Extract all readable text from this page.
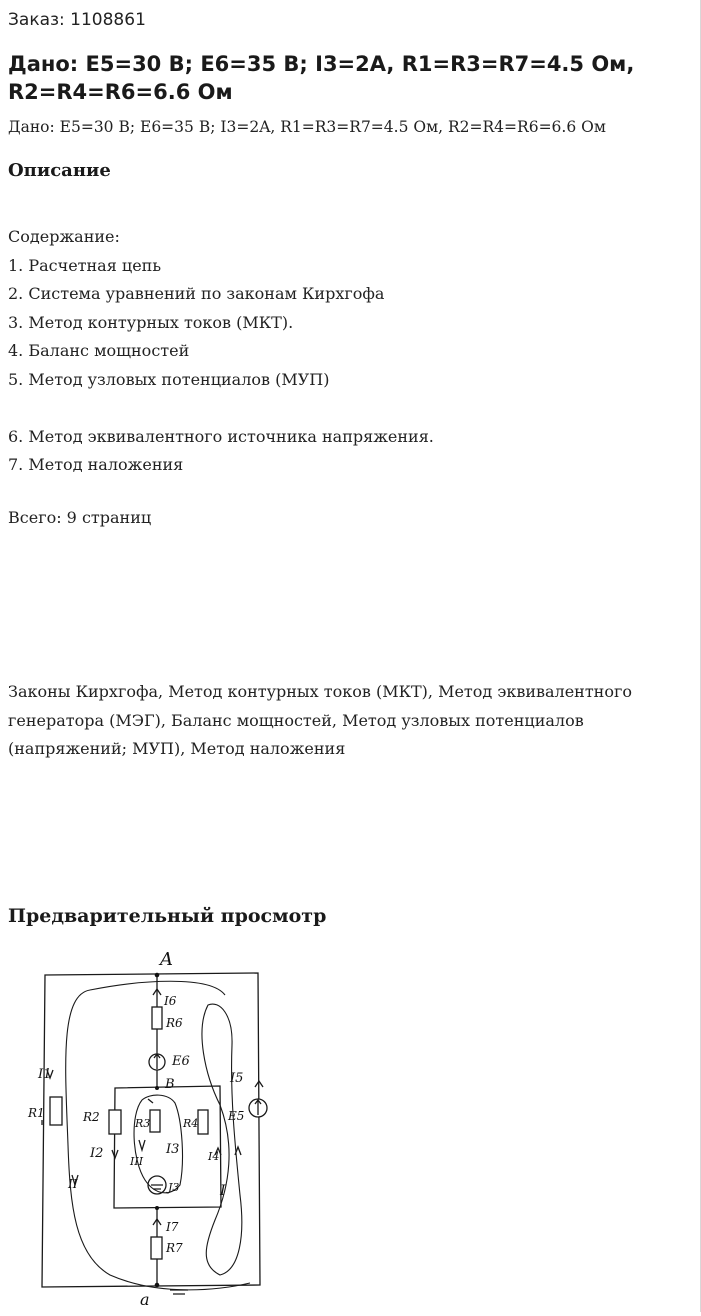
Заказ: 1108861
Дано: E5=30 В; E6=35 В; I3=2A, R1=R3=R7=4.5 Ом, R2=R4=R6=6.6 Ом
Дано: E5=30 В; E6=35 В; I3=2A, R1=R3=R7=4.5 Ом, R2=R4=R6=6.6 Ом
Описание
Содержание:
1. Расчетная цепь
2. Система уравнений по законам Кирхгофа
3. Метод контурных токов (МКТ).
4. Баланс мощностей
5. Метод узловых потенциалов (МУП)
6. Метод эквивалентного источника напряжения.
7. Метод наложения
Всего: 9 страниц
Законы Кирхгофа, Метод контурных токов (МКТ), Метод эквивалентного генератора (МЭГ), Баланс мощностей, Метод узловых потенциалов (напряжений; МУП), Метод наложения
Предварительный просмотр
A
B
a
I6
R6
E6
I1
R1	R2
I2
R3
I3
R4
I4
J3
I5
E5
I7
R7
I
II
III
